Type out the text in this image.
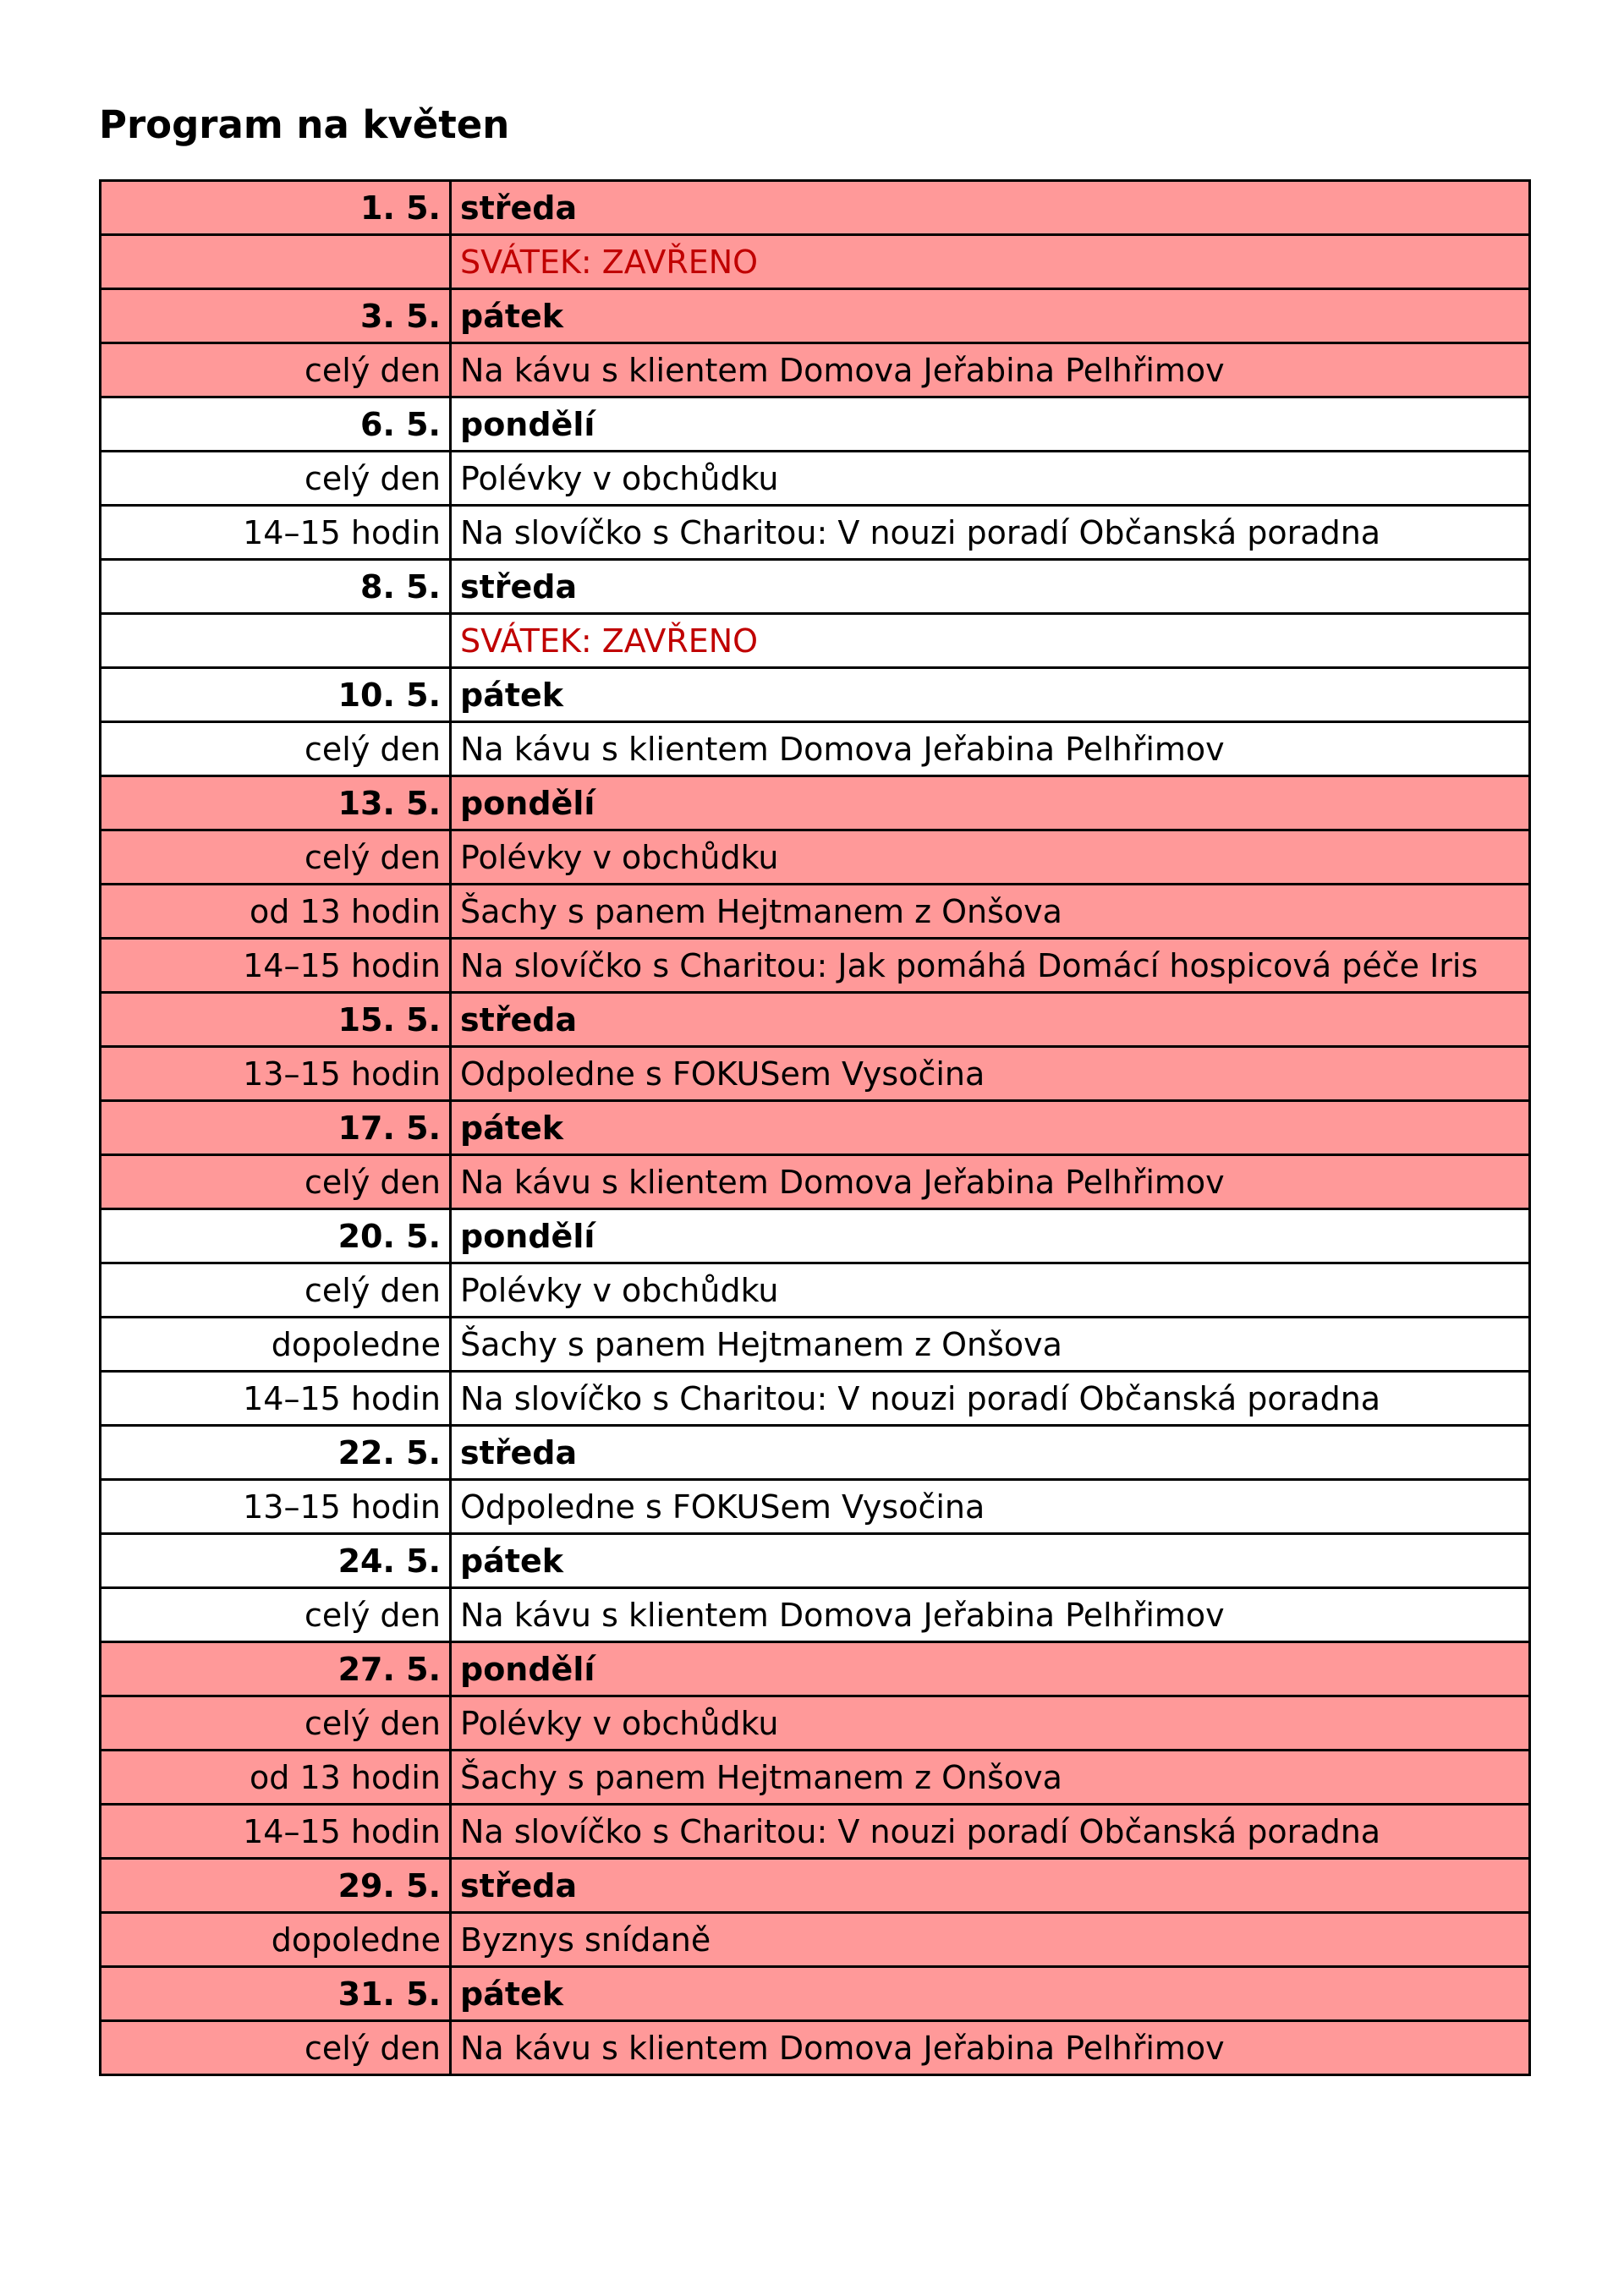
Program na květen
1. 5.	středa
	SVÁTEK: ZAVŘENO
3. 5.	pátek
celý den	Na kávu s klientem Domova Jeřabina Pelhřimov
6. 5.	pondělí
celý den	Polévky v obchůdku
14–15 hodin	Na slovíčko s Charitou: V nouzi poradí Občanská poradna
8. 5.	středa
	SVÁTEK: ZAVŘENO
10. 5.	pátek
celý den	Na kávu s klientem Domova Jeřabina Pelhřimov
13. 5.	pondělí
celý den	Polévky v obchůdku
od 13 hodin	Šachy s panem Hejtmanem z Onšova
14–15 hodin	Na slovíčko s Charitou: Jak pomáhá Domácí hospicová péče Iris
15. 5.	středa
13–15 hodin	Odpoledne s FOKUSem Vysočina
17. 5.	pátek
celý den	Na kávu s klientem Domova Jeřabina Pelhřimov
20. 5.	pondělí
celý den	Polévky v obchůdku
dopoledne	Šachy s panem Hejtmanem z Onšova
14–15 hodin	Na slovíčko s Charitou: V nouzi poradí Občanská poradna
22. 5.	středa
13–15 hodin	Odpoledne s FOKUSem Vysočina
24. 5.	pátek
celý den	Na kávu s klientem Domova Jeřabina Pelhřimov
27. 5.	pondělí
celý den	Polévky v obchůdku
od 13 hodin	Šachy s panem Hejtmanem z Onšova
14–15 hodin	Na slovíčko s Charitou: V nouzi poradí Občanská poradna
29. 5.	středa
dopoledne	Byznys snídaně
31. 5.	pátek
celý den	Na kávu s klientem Domova Jeřabina Pelhřimov
